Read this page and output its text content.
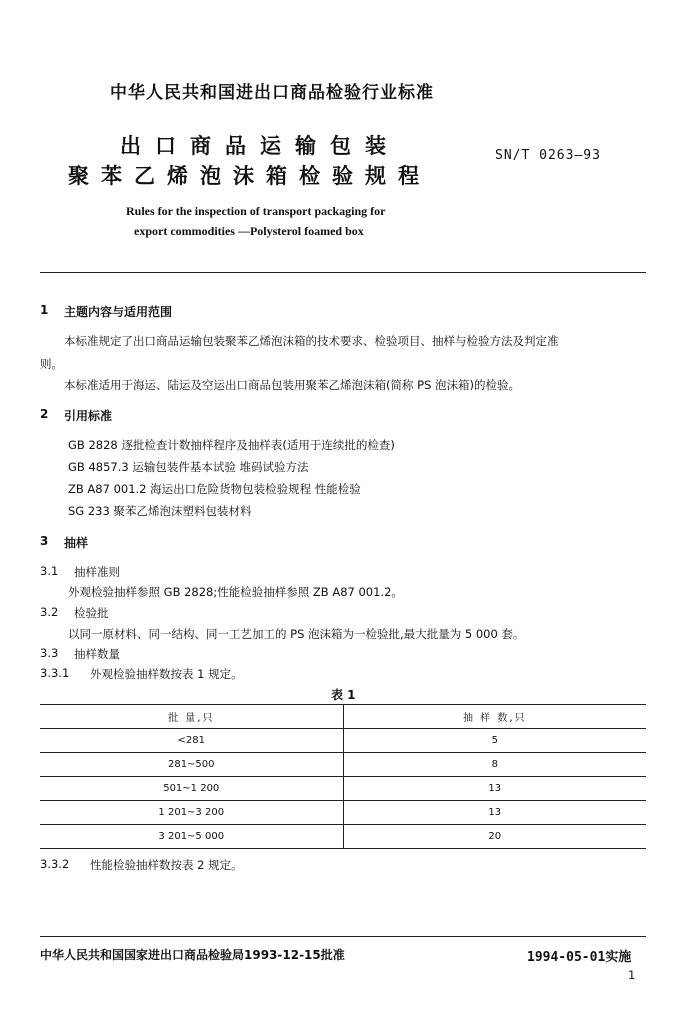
中华人民共和国进出口商品检验行业标准
出口商品运输包装
聚苯乙烯泡沫箱检验规程
SN/T 0263—93
Rules for the inspection of transport packaging for
export commodities —Polysterol foamed box
1 主题内容与适用范围
本标准规定了出口商品运输包装聚苯乙烯泡沫箱的技术要求、检验项目、抽样与检验方法及判定准
则。
本标准适用于海运、陆运及空运出口商品包装用聚苯乙烯泡沫箱(简称 PS 泡沫箱)的检验。
2 引用标准
GB 2828 逐批检查计数抽样程序及抽样表(适用于连续批的检查)
GB 4857.3 运输包装件基本试验 堆码试验方法
ZB A87 001.2 海运出口危险货物包装检验规程 性能检验
SG 233 聚苯乙烯泡沫塑料包装材料
3 抽样
3.1 抽样准则
外观检验抽样参照 GB 2828;性能检验抽样参照 ZB A87 001.2。
3.2 检验批
以同一原材料、同一结构、同一工艺加工的 PS 泡沫箱为一检验批,最大批量为 5 000 套。
3.3 抽样数量
3.3.1 外观检验抽样数按表 1 规定。
表 1
批 量,只	抽 样 数,只
<281	5
281~500	8
501~1 200	13
1 201~3 200	13
3 201~5 000	20
3.3.2 性能检验抽样数按表 2 规定。
中华人民共和国国家进出口商品检验局1993-12-15批准	1994-05-01实施
1
